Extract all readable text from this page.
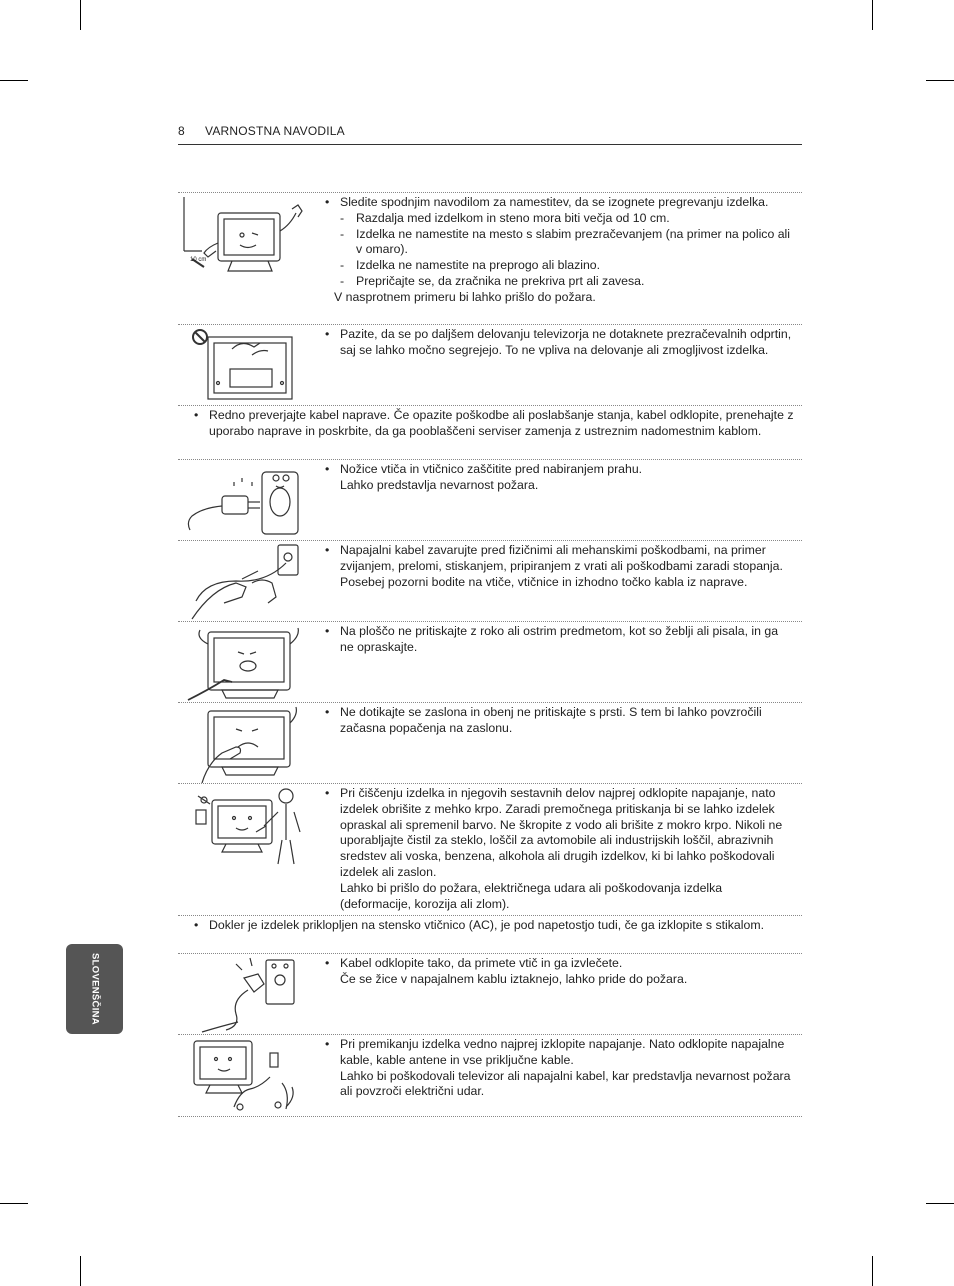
8 VARNOSTNA NAVODILA
10 cm
• Sledite spodnjim navodilom za namestitev, da se izognete pregrevanju izdelka.
- Razdalja med izdelkom in steno mora biti večja od 10 cm.
- Izdelka ne namestite na mesto s slabim prezračevanjem (na primer na polico ali v omaro).
- Izdelka ne namestite na preprogo ali blazino.
- Prepričajte se, da zračnika ne prekriva prt ali zavesa.
V nasprotnem primeru bi lahko prišlo do požara.
• Pazite, da se po daljšem delovanju televizorja ne dotaknete prezračevalnih odprtin, saj se lahko močno segrejejo. To ne vpliva na delovanje ali zmogljivost izdelka.
• Redno preverjajte kabel naprave. Če opazite poškodbe ali poslabšanje stanja, kabel odklopite, prenehajte z uporabo naprave in poskrbite, da ga pooblaščeni serviser zamenja z ustreznim nadomestnim kablom.
• Nožice vtiča in vtičnico zaščitite pred nabiranjem prahu.
Lahko predstavlja nevarnost požara.
• Napajalni kabel zavarujte pred fizičnimi ali mehanskimi poškodbami, na primer zvijanjem, prelomi, stiskanjem, pripiranjem z vrati ali poškodbami zaradi stopanja. Posebej pozorni bodite na vtiče, vtičnice in izhodno točko kabla iz naprave.
• Na ploščo ne pritiskajte z roko ali ostrim predmetom, kot so žeblji ali pisala, in ga ne opraskajte.
• Ne dotikajte se zaslona in obenj ne pritiskajte s prsti. S tem bi lahko povzročili začasna popačenja na zaslonu.
• Pri čiščenju izdelka in njegovih sestavnih delov najprej odklopite napajanje, nato izdelek obrišite z mehko krpo. Zaradi premočnega pritiskanja bi se lahko izdelek opraskal ali spremenil barvo. Ne škropite z vodo ali brišite z mokro krpo. Nikoli ne uporabljajte čistil za steklo, loščil za avtomobile ali industrijskih loščil, abrazivnih sredstev ali voska, benzena, alkohola ali drugih izdelkov, ki bi lahko poškodovali izdelek ali zaslon.
Lahko bi prišlo do požara, električnega udara ali poškodovanja izdelka (deformacije, korozija ali zlom).
• Dokler je izdelek priklopljen na stensko vtičnico (AC), je pod napetostjo tudi, če ga izklopite s stikalom.
• Kabel odklopite tako, da primete vtič in ga izvlečete.
Če se žice v napajalnem kablu iztaknejo, lahko pride do požara.
• Pri premikanju izdelka vedno najprej izklopite napajanje. Nato odklopite napajalne kable, kable antene in vse priključne kable.
Lahko bi poškodovali televizor ali napajalni kabel, kar predstavlja nevarnost požara ali povzroči električni udar.
SLOVENŠČINA
